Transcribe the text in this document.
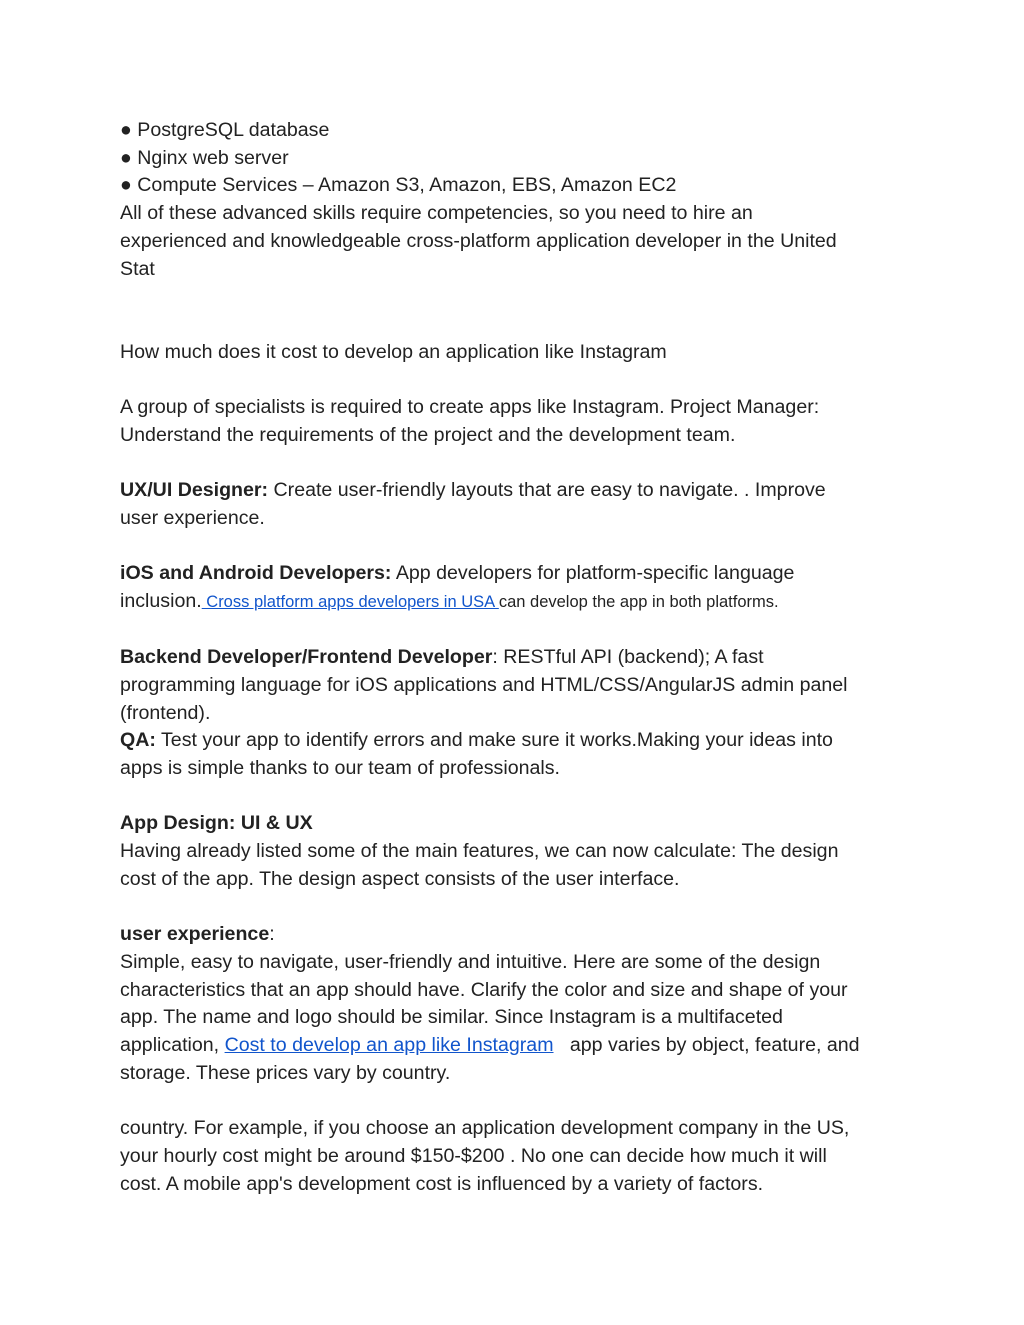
● PostgreSQL database
● Nginx web server
● Compute Services – Amazon S3, Amazon, EBS, Amazon EC2
All of these advanced skills require competencies, so you need to hire an
experienced and knowledgeable cross-platform application developer in the United
Stat
How much does it cost to develop an application like Instagram
A group of specialists is required to create apps like Instagram. Project Manager:
Understand the requirements of the project and the development team.
UX/UI Designer: Create user-friendly layouts that are easy to navigate. . Improve
user experience.
iOS and Android Developers: App developers for platform-specific language
inclusion. Cross platform apps developers in USA can develop the app in both platforms.
Backend Developer/Frontend Developer: RESTful API (backend); A fast
programming language for iOS applications and HTML/CSS/AngularJS admin panel
(frontend).
QA: Test your app to identify errors and make sure it works.Making your ideas into
apps is simple thanks to our team of professionals.
App Design: UI & UX
Having already listed some of the main features, we can now calculate: The design
cost of the app. The design aspect consists of the user interface.
user experience:
Simple, easy to navigate, user-friendly and intuitive. Here are some of the design
characteristics that an app should have. Clarify the color and size and shape of your
app. The name and logo should be similar. Since Instagram is a multifaceted
application, Cost to develop an app like Instagram   app varies by object, feature, and
storage. These prices vary by country.
country. For example, if you choose an application development company in the US,
your hourly cost might be around $150-$200 . No one can decide how much it will
cost. A mobile app's development cost is influenced by a variety of factors.
